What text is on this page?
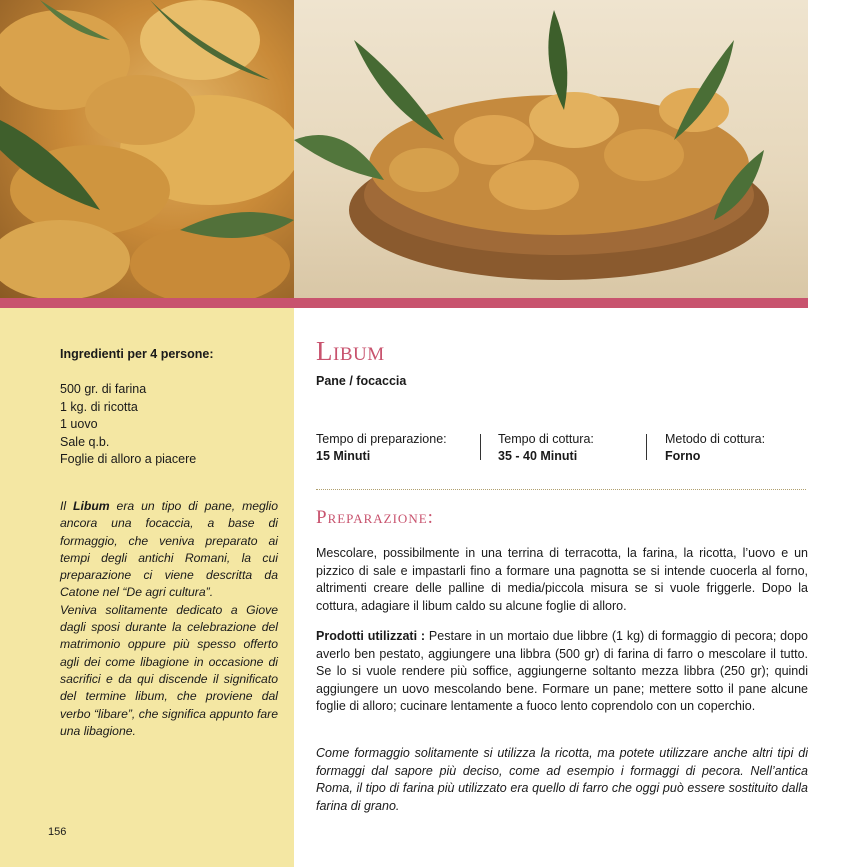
Ingredienti per 4 persone:
500 gr. di farina
1 kg. di ricotta
1 uovo
Sale q.b.
Foglie di alloro a piacere
Il Libum era un tipo di pane, meglio ancora una focaccia, a base di formaggio, che veniva preparato ai tempi degli antichi Romani, la cui preparazione ci viene descritta da Catone nel “De agri cultura”.
Veniva solitamente dedicato a Giove dagli sposi durante la celebrazione del matrimonio oppure più spesso offerto agli dei come libagione in occasione di sacrifici e da qui discende il significato del termine libum, che proviene dal verbo “libare”, che significa appunto fare una libagione.
156
Libum
Pane / focaccia
Tempo di preparazione:
15 Minuti
Tempo di cottura:
35 - 40 Minuti
Metodo di cottura:
Forno
Preparazione:
Mescolare, possibilmente in una terrina di terracotta, la farina, la ricotta, l’uovo e un pizzico di sale e impastarli fino a formare una pagnotta se si intende cuocerla al forno, altrimenti creare delle palline di media/piccola misura se si vuole friggerle. Dopo la cottura, adagiare il libum caldo su alcune foglie di alloro.
Prodotti utilizzati : Pestare in un mortaio due libbre (1 kg) di formaggio di pecora; dopo averlo ben pestato, aggiungere una libbra (500 gr) di farina di farro o mescolare il tutto. Se lo si vuole rendere più soffice, aggiungerne soltanto mezza libbra (250 gr); quindi aggiungere un uovo mescolando bene. Formare un pane; mettere sotto il pane alcune foglie di alloro; cucinare lentamente a fuoco lento coprendolo con un coperchio.
Come formaggio solitamente si utilizza la ricotta, ma potete utilizzare anche altri tipi di formaggi dal sapore più deciso, come ad esempio i formaggi di pecora. Nell’antica Roma, il tipo di farina più utilizzato era quello di farro che oggi può essere sostituito dalla farina di grano.
